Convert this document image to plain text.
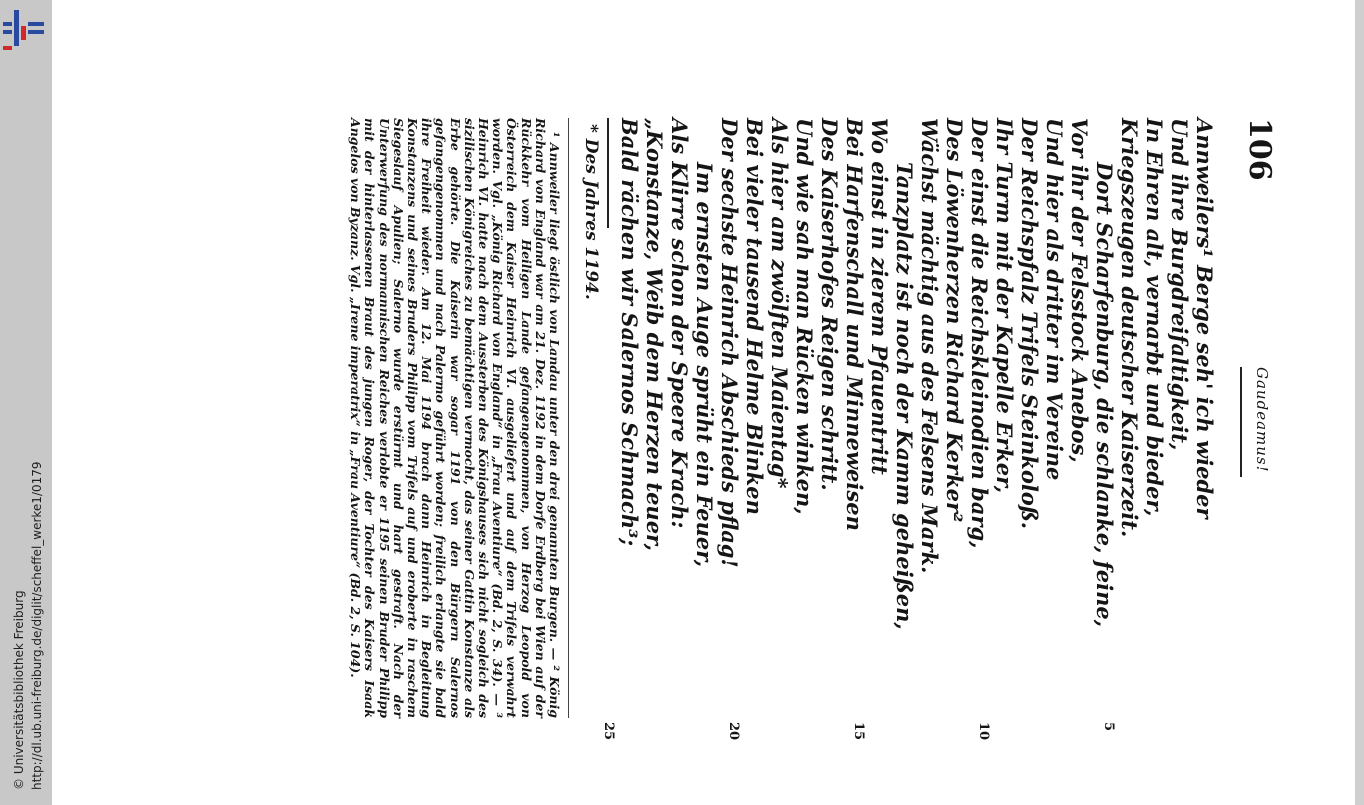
http://dl.ub.uni-freiburg.de/diglit/scheffel_werke1/0179
© Universitätsbibliothek Freiburg
106
Gaudeamus!
Annweilers¹ Berge seh' ich wieder
Und ihre Burgdreifaltigkeit,
In Ehren alt, vernarbt und bieder,
Kriegszeugen deutscher Kaiserzeit.
Dort Scharfenburg, die schlanke, feine,
Vor ihr der Felsstock Anebos,
Und hier als dritter im Vereine
Der Reichspfalz Trifels Steinkoloß.
Ihr Turm mit der Kapelle Erker,
Der einst die Reichskleinodien barg,
Des Löwenherzen Richard Kerker²
Wächst mächtig aus des Felsens Mark.
Tanzplatz ist noch der Kamm geheißen,
Wo einst in zierem Pfauentritt
Bei Harfenschall und Minneweisen
Des Kaiserhofes Reigen schritt.
Und wie sah man Rücken winken,
Als hier am zwölften Maientag*
Bei vieler tausend Helme Blinken
Der sechste Heinrich Abschieds pflag!
Im ernsten Auge sprüht ein Feuer,
Als Klirre schon der Speere Krach:
„Konstanze, Weib dem Herzen teuer,
Bald rächen wir Salernos Schmach³;
5
10
15
20
25
* Des Jahres 1194.

¹ Annweiler liegt östlich von Landau unter den drei genannten Burgen. — ² König Richard von England war am 21. Dez. 1192 in dem Dorfe Erdberg bei Wien auf der Rückkehr vom Heiligen Lande gefangengenommen, von Herzog Leopold von Österreich dem Kaiser Heinrich VI. ausgeliefert und auf dem Trifels verwahrt worden. Vgl. „König Richard von England“ in „Frau Aventiure“ (Bd. 2, S. 34). — ³ Heinrich VI. hatte nach dem Aussterben des Königshauses sich nicht sogleich des sizilischen Königreiches zu bemächtigen vermocht, das seiner Gattin Konstanze als Erbe gehörte. Die Kaiserin war sogar 1191 von den Bürgern Salernos gefangengenommen und nach Palermo geführt worden; freilich erlangte sie bald ihre Freiheit wieder. Am 12. Mai 1194 brach dann Heinrich in Begleitung Konstanzens und seines Bruders Philipp vom Trifels auf und eroberte in raschem Siegeslauf Apulien; Salerno wurde erstürmt und hart gestraft. Nach der Unterwerfung des normannischen Reiches verlobte er 1195 seinen Bruder Philipp mit der hinterlassenen Braut des jungen Roger, der Tochter des Kaisers Isaak Angelos von Byzanz. Vgl. „Irene imperatrix“ in „Frau Aventiure“ (Bd. 2, S. 104).
